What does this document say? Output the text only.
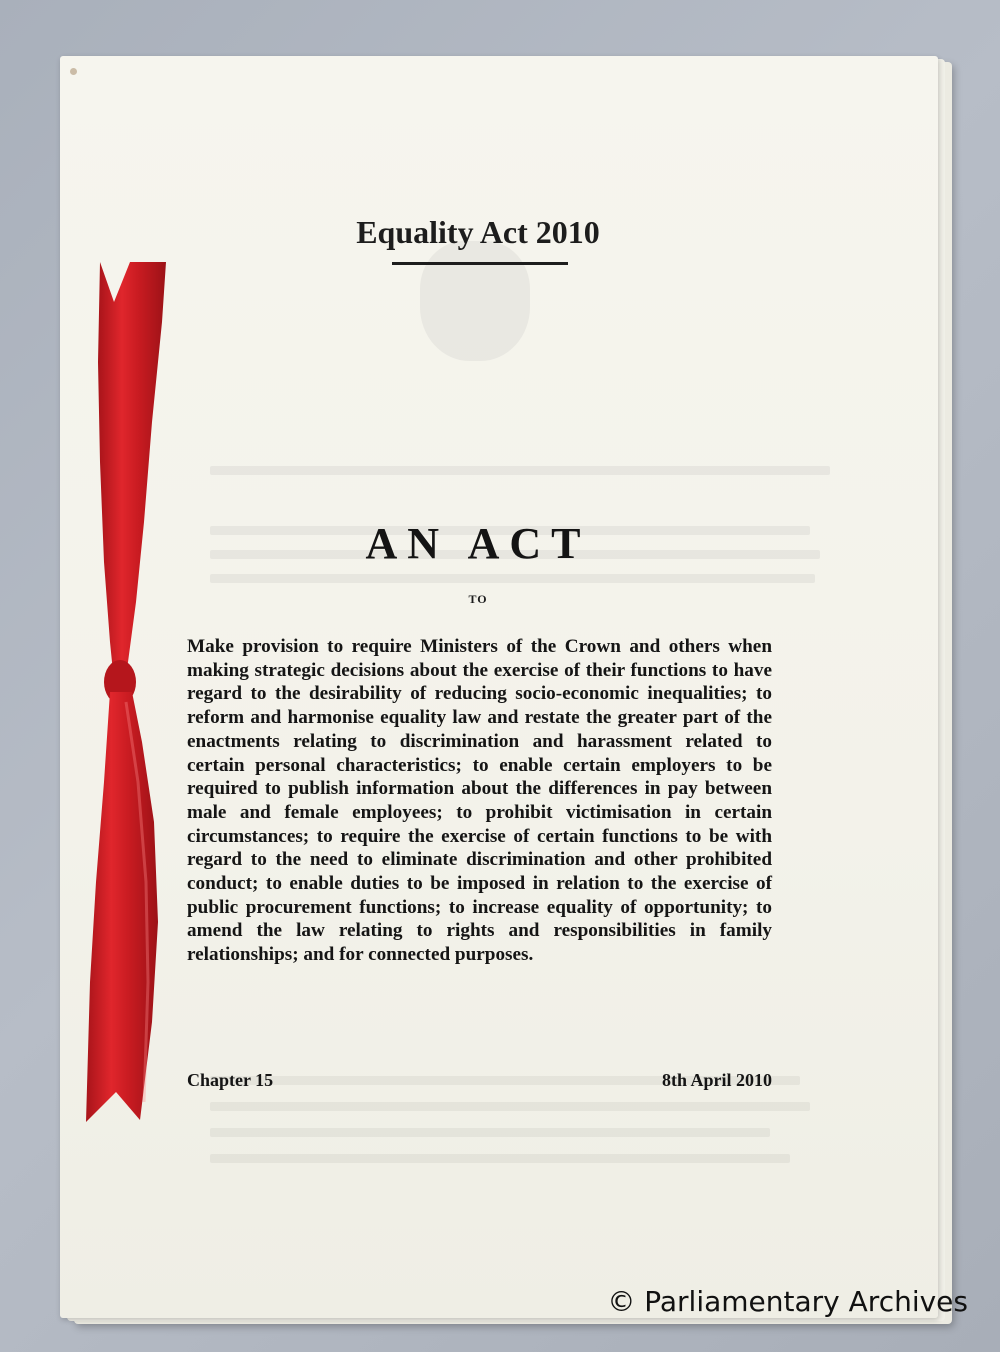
Equality Act 2010
AN ACT
TO

Make provision to require Ministers of the Crown and others when making strategic decisions about the exercise of their functions to have regard to the desirability of reducing socio-economic inequalities; to reform and harmonise equality law and restate the greater part of the enactments relating to discrimination and harassment related to certain personal characteristics; to enable certain employers to be required to publish information about the differences in pay between male and female employees; to prohibit victimisation in certain circumstances; to require the exercise of certain functions to be with regard to the need to eliminate discrimination and other prohibited conduct; to enable duties to be imposed in relation to the exercise of public procurement functions; to increase equality of opportunity; to amend the law relating to rights and responsibilities in family relationships; and for connected purposes.

Chapter 15	8th April 2010
© Parliamentary Archives
